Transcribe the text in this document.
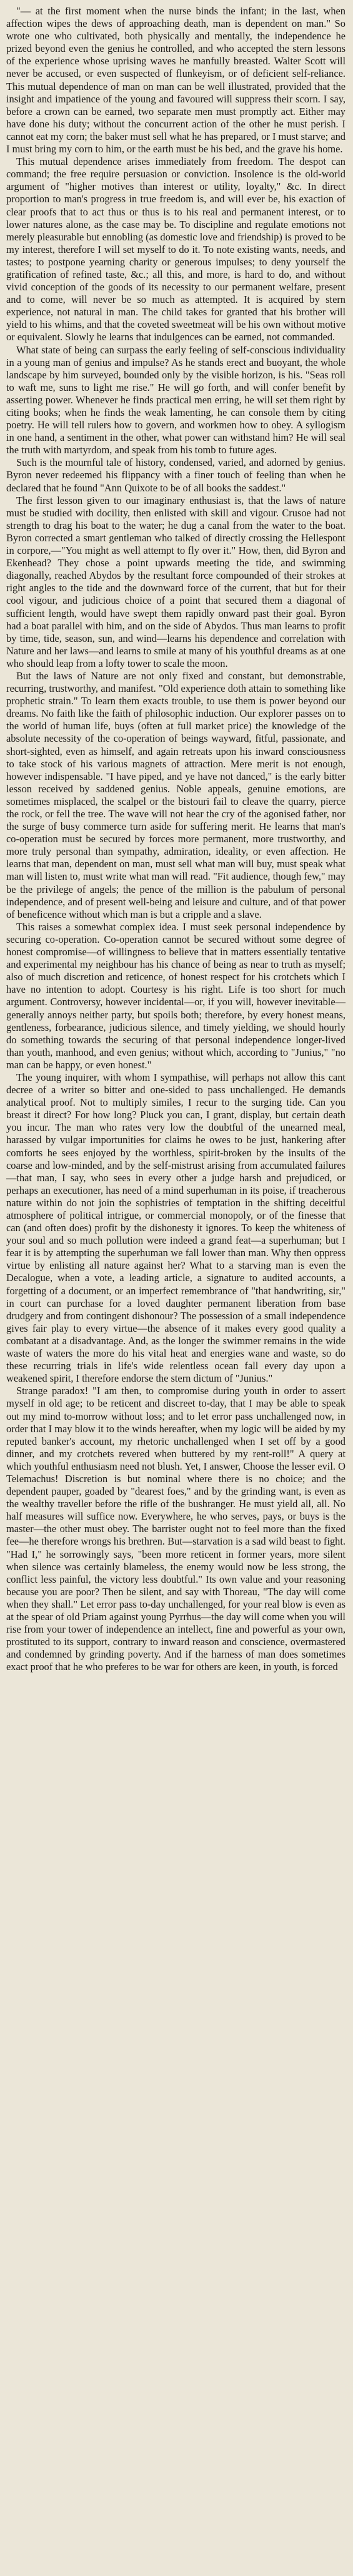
"— at the first moment when the nurse binds the infant; in the last, when affection wipes the dews of approaching death, man is dependent on man." So wrote one who cultivated, both physically and mentally, the independence he prized beyond even the genius he controlled, and who accepted the stern lessons of the experience whose uprising waves he manfully breasted. Walter Scott will never be accused, or even suspected of flunkeyism, or of deficient self-reliance. This mutual dependence of man on man can be well illustrated, provided that the insight and impatience of the young and favoured will suppress their scorn. I say, before a crown can be earned, two separate men must promptly act. Either may have done his duty; without the concurrent action of the other he must perish. I cannot eat my corn; the baker must sell what he has prepared, or I must starve; and I must bring my corn to him, or the earth must be his bed, and the grave his home.

This mutual dependence arises immediately from freedom. The despot can command; the free require persuasion or conviction. Insolence is the old-world argument of "higher motives than interest or utility, loyalty," &c. In direct proportion to man's progress in true freedom is, and will ever be, his exaction of clear proofs that to act thus or thus is to his real and permanent interest, or to lower natures alone, as the case may be. To discipline and regulate emotions not merely pleasurable but ennobling (as domestic love and friendship) is proved to be my interest, therefore I will set myself to do it. To note existing wants, needs, and tastes; to postpone yearning charity or generous impulses; to deny yourself the gratification of refined taste, &c.; all this, and more, is hard to do, and without vivid conception of the goods of its necessity to our permanent welfare, present and to come, will never be so much as attempted. It is acquired by stern experience, not natural in man. The child takes for granted that his brother will yield to his whims, and that the coveted sweetmeat will be his own without motive or equivalent. Slowly he learns that indulgences can be earned, not commanded.

What state of being can surpass the early feeling of self-conscious individuality in a young man of genius and impulse? As he stands erect and buoyant, the whole landscape by him surveyed, bounded only by the visible horizon, is his. "Seas roll to waft me, suns to light me rise." He will go forth, and will confer benefit by asserting power. Whenever he finds practical men erring, he will set them right by citing books; when he finds the weak lamenting, he can console them by citing poetry. He will tell rulers how to govern, and workmen how to obey. A syllogism in one hand, a sentiment in the other, what power can withstand him? He will seal the truth with martyrdom, and speak from his tomb to future ages.

Such is the mournful tale of history, condensed, varied, and adorned by genius. Byron never redeemed his flippancy with a finer touch of feeling than when he declared that he found "Ann Quixote to be of all books the saddest."

The first lesson given to our imaginary enthusiast is, that the laws of nature must be studied with docility, then enlisted with skill and vigour. Crusoe had not strength to drag his boat to the water; he dug a canal from the water to the boat. Byron corrected a smart gentleman who talked of directly crossing the Hellespont in corpore,—"You might as well attempt to fly over it." How, then, did Byron and Ekenhead? They chose a point upwards meeting the tide, and swimming diagonally, reached Abydos by the resultant force compounded of their strokes at right angles to the tide and the downward force of the current, that but for their cool vigour, and judicious choice of a point that secured them a diagonal of sufficient length, would have swept them rapidly onward past their goal. Byron had a boat parallel with him, and on the side of Abydos. Thus man learns to profit by time, tide, season, sun, and wind—learns his dependence and correlation with Nature and her laws—and learns to smile at many of his youthful dreams as at one who should leap from a lofty tower to scale the moon.

But the laws of Nature are not only fixed and constant, but demonstrable, recurring, trustworthy, and manifest. "Old experience doth attain to something like prophetic strain." To learn them exacts trouble, to use them is power beyond our dreams. No faith like the faith of philosophic induction. Our explorer passes on to the world of human life, buys (often at full market price) the knowledge of the absolute necessity of the co-operation of beings wayward, fitful, passionate, and short-sighted, even as himself, and again retreats upon his inward consciousness to take stock of his various magnets of attraction. Mere merit is not enough, however indispensable. "I have piped, and ye have not danced," is the early bitter lesson received by saddened genius. Noble appeals, genuine emotions, are sometimes misplaced, the scalpel or the bistouri fail to cleave the quarry, pierce the rock, or fell the tree. The wave will not hear the cry of the agonised father, nor the surge of busy commerce turn aside for suffering merit. He learns that man's co-operation must be secured by forces more permanent, more trustworthy, and more truly personal than sympathy, admiration, ideality, or even affection. He learns that man, dependent on man, must sell what man will buy, must speak what man will listen to, must write what man will read. "Fit audience, though few," may be the privilege of angels; the pence of the million is the pabulum of personal independence, and of present well-being and leisure and culture, and of that power of beneficence without which man is but a cripple and a slave.

This raises a somewhat complex idea. I must seek personal independence by securing co-operation. Co-operation cannot be secured without some degree of honest compromise—of willingness to believe that in matters essentially tentative and experimental my neighbour has his chance of being as near to truth as myself; also of much discretion and reticence, of honest respect for his crotchets which I have no intention to adopt. Courtesy is his right. Life is too short for much argument. Controversy, however incidental—or, if you will, however inevitable—generally annoys neither party, but spoils both; therefore, by every honest means, gentleness, forbearance, judicious silence, and timely yielding, we should hourly do something towards the securing of that personal independence longer-lived than youth, manhood, and even genius; without which, according to "Junius," "no man can be happy, or even honest."

The young inquirer, with whom I sympathise, will perhaps not allow this cant decree of a writer so bitter and one-sided to pass unchallenged. He demands analytical proof. Not to multiply similes, I recur to the surging tide. Can you breast it direct? For how long? Pluck you can, I grant, display, but certain death you incur. The man who rates very low the doubtful of the unearned meal, harassed by vulgar importunities for claims he owes to be just, hankering after comforts he sees enjoyed by the worthless, spirit-broken by the insults of the coarse and low-minded, and by the self-mistrust arising from accumulated failures—that man, I say, who sees in every other a judge harsh and prejudiced, or perhaps an executioner, has need of a mind superhuman in its poise, if treacherous nature within do not join the sophistries of temptation in the shifting deceitful atmosphere of political intrigue, or commercial monopoly, or of the finesse that can (and often does) profit by the dishonesty it ignores. To keep the whiteness of your soul and so much pollution were indeed a grand feat—a superhuman; but I fear it is by attempting the superhuman we fall lower than man. Why then oppress virtue by enlisting all nature against her? What to a starving man is even the Decalogue, when a vote, a leading article, a signature to audited accounts, a forgetting of a document, or an imperfect remembrance of "that handwriting, sir," in court can purchase for a loved daughter permanent liberation from base drudgery and from contingent dishonour? The possession of a small independence gives fair play to every virtue—the absence of it makes every good quality a combatant at a disadvantage. And, as the longer the swimmer remains in the wide waste of waters the more do his vital heat and energies wane and waste, so do these recurring trials in life's wide relentless ocean fall every day upon a weakened spirit, I therefore endorse the stern dictum of "Junius."

Strange paradox! "I am then, to compromise during youth in order to assert myself in old age; to be reticent and discreet to-day, that I may be able to speak out my mind to-morrow without loss; and to let error pass unchallenged now, in order that I may blow it to the winds hereafter, when my logic will be aided by my reputed banker's account, my rhetoric unchallenged when I set off by a good dinner, and my crotchets revered when buttered by my rent-roll!" A query at which youthful enthusiasm need not blush. Yet, I answer, Choose the lesser evil. O Telemachus! Discretion is but nominal where there is no choice; and the dependent pauper, goaded by "dearest foes," and by the grinding want, is even as the wealthy traveller before the rifle of the bushranger. He must yield all, all. No half measures will suffice now. Everywhere, he who serves, pays, or buys is the master—the other must obey. The barrister ought not to feel more than the fixed fee—he therefore wrongs his brethren. But—starvation is a sad wild beast to fight. "Had I," he sorrowingly says, "been more reticent in former years, more silent when silence was certainly blameless, the enemy would now be less strong, the conflict less painful, the victory less doubtful." Its own value and your reasoning because you are poor? Then be silent, and say with Thoreau, "The day will come when they shall." Let error pass to-day unchallenged, for your real blow is even as at the spear of old Priam against young Pyrrhus—the day will come when you will rise from your tower of independence an intellect, fine and powerful as your own, prostituted to its support, contrary to inward reason and conscience, overmastered and condemned by grinding poverty. And if the harness of man does sometimes exact proof that he who preferes to be war for others are keen, in youth, is forced
